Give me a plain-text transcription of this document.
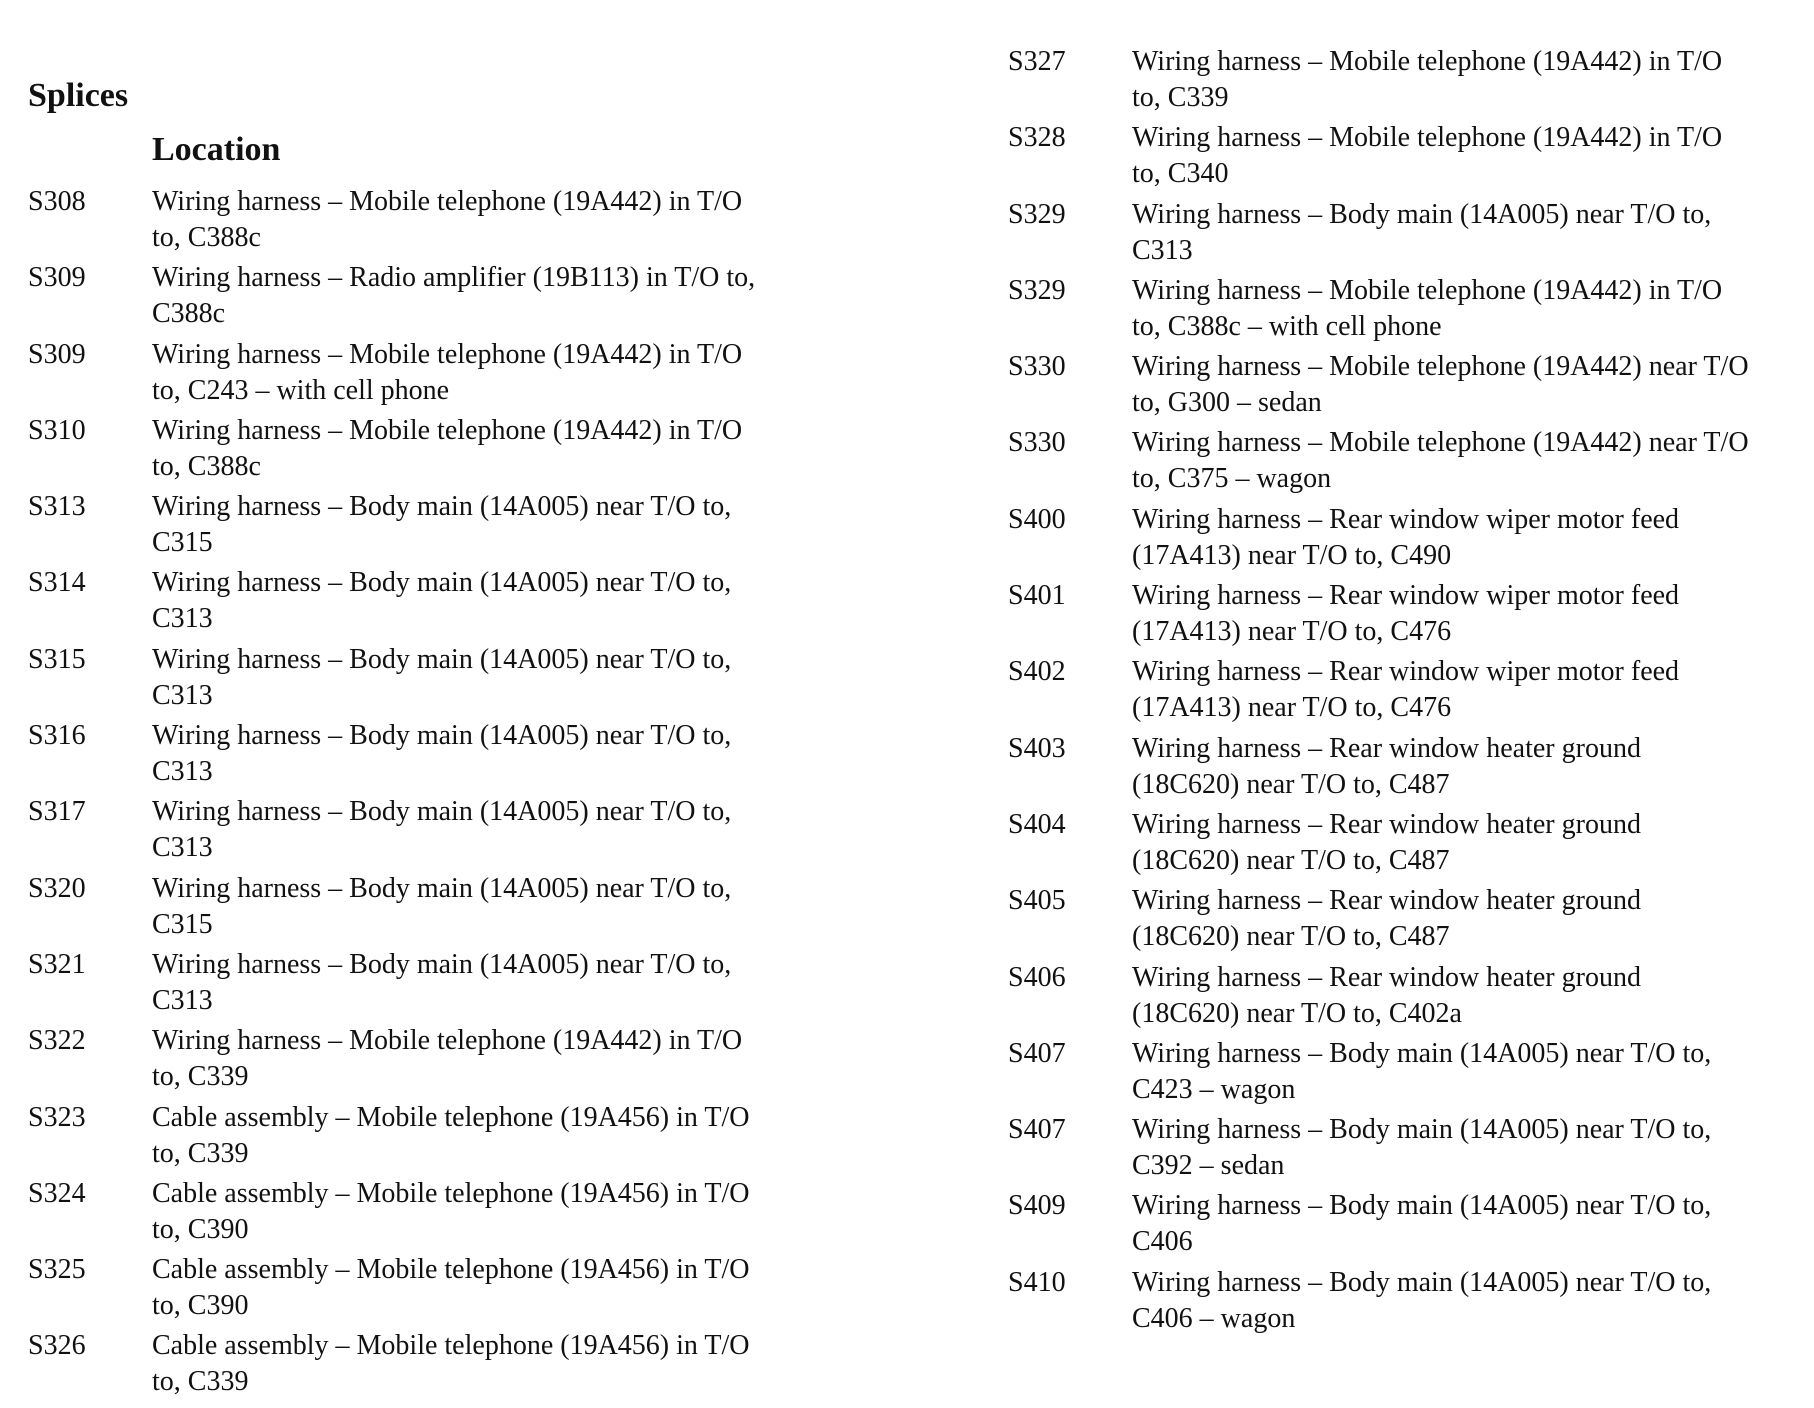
Splices
Location
S308	Wiring harness – Mobile telephone (19A442) in T/O
to, C388c
S309	Wiring harness – Radio amplifier (19B113) in T/O to,
C388c
S309	Wiring harness – Mobile telephone (19A442) in T/O
to, C243 – with cell phone
S310	Wiring harness – Mobile telephone (19A442) in T/O
to, C388c
S313	Wiring harness – Body main (14A005) near T/O to,
C315
S314	Wiring harness – Body main (14A005) near T/O to,
C313
S315	Wiring harness – Body main (14A005) near T/O to,
C313
S316	Wiring harness – Body main (14A005) near T/O to,
C313
S317	Wiring harness – Body main (14A005) near T/O to,
C313
S320	Wiring harness – Body main (14A005) near T/O to,
C315
S321	Wiring harness – Body main (14A005) near T/O to,
C313
S322	Wiring harness – Mobile telephone (19A442) in T/O
to, C339
S323	Cable assembly – Mobile telephone (19A456) in T/O
to, C339
S324	Cable assembly – Mobile telephone (19A456) in T/O
to, C390
S325	Cable assembly – Mobile telephone (19A456) in T/O
to, C390
S326	Cable assembly – Mobile telephone (19A456) in T/O
to, C339
S327	Wiring harness – Mobile telephone (19A442) in T/O
to, C339
S328	Wiring harness – Mobile telephone (19A442) in T/O
to, C340
S329	Wiring harness – Body main (14A005) near T/O to,
C313
S329	Wiring harness – Mobile telephone (19A442) in T/O
to, C388c – with cell phone
S330	Wiring harness – Mobile telephone (19A442) near T/O
to, G300 – sedan
S330	Wiring harness – Mobile telephone (19A442) near T/O
to, C375 – wagon
S400	Wiring harness – Rear window wiper motor feed
(17A413) near T/O to, C490
S401	Wiring harness – Rear window wiper motor feed
(17A413) near T/O to, C476
S402	Wiring harness – Rear window wiper motor feed
(17A413) near T/O to, C476
S403	Wiring harness – Rear window heater ground
(18C620) near T/O to, C487
S404	Wiring harness – Rear window heater ground
(18C620) near T/O to, C487
S405	Wiring harness – Rear window heater ground
(18C620) near T/O to, C487
S406	Wiring harness – Rear window heater ground
(18C620) near T/O to, C402a
S407	Wiring harness – Body main (14A005) near T/O to,
C423 – wagon
S407	Wiring harness – Body main (14A005) near T/O to,
C392 – sedan
S409	Wiring harness – Body main (14A005) near T/O to,
C406
S410	Wiring harness – Body main (14A005) near T/O to,
C406 – wagon
